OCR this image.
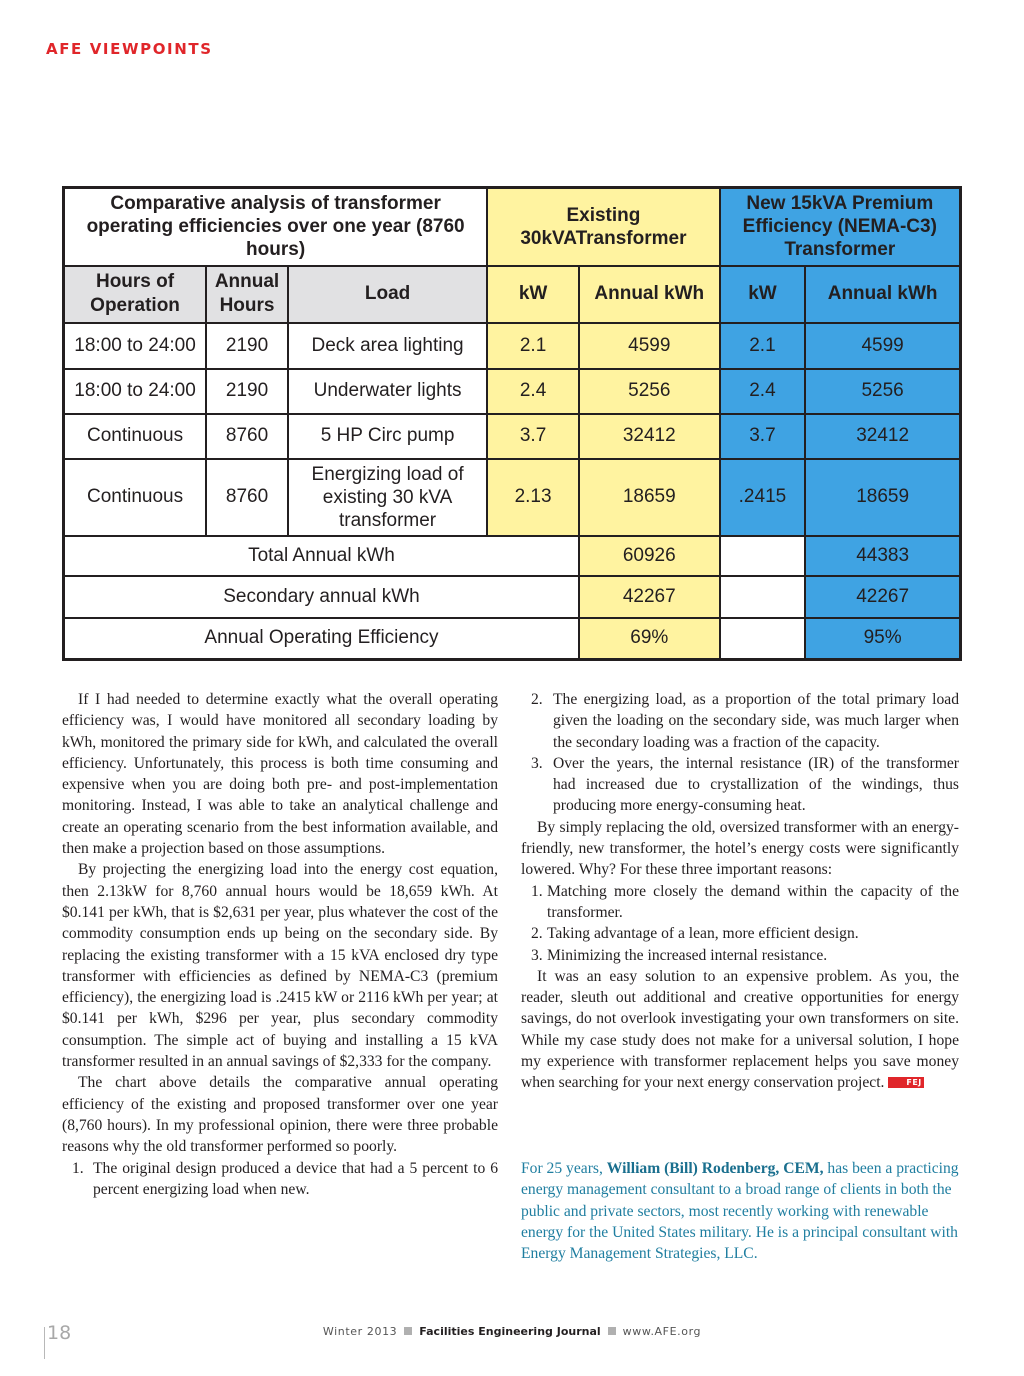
AFE VIEWPOINTS
Comparative analysis of transformer operating efficiencies over one year (8760 hours)			Existing 30kVATransformer		New 15kVA Premium Efficiency (NEMA-C3) Transformer	
Hours of Operation	Annual Hours	Load	kW	Annual kWh	kW	Annual kWh
18:00 to 24:00	2190	Deck area lighting	2.1	4599	2.1	4599
18:00 to 24:00	2190	Underwater lights	2.4	5256	2.4	5256
Continuous	8760	5 HP Circ pump	3.7	32412	3.7	32412
Continuous	8760	Energizing load of existing 30 kVA transformer	2.13	18659	.2415	18659
Total Annual kWh				60926		44383
Secondary annual kWh				42267		42267
Annual Operating Efficiency				69%		95%

If I had needed to determine exactly what the overall operating efficiency was, I would have monitored all secondary loading by kWh, monitored the primary side for kWh, and calculated the overall efficiency. Unfortunately, this process is both time consuming and expensive when you are doing both pre- and post-implementation monitoring. Instead, I was able to take an analytical challenge and create an operating scenario from the best information available, and then make a projection based on those assumptions.

By projecting the energizing load into the energy cost equation, then 2.13kW for 8,760 annual hours would be 18,659 kWh. At $0.141 per kWh, that is $2,631 per year, plus whatever the cost of the commodity consumption ends up being on the secondary side. By replacing the existing transformer with a 15 kVA enclosed dry type transformer with efficiencies as defined by NEMA-C3 (premium efficiency), the energizing load is .2415 kW or 2116 kWh per year; at $0.141 per kWh, $296 per year, plus secondary commodity consumption. The simple act of buying and installing a 15 kVA transformer resulted in an annual savings of $2,333 for the company.

The chart above details the comparative annual operating efficiency of the existing and proposed transformer over one year (8,760 hours). In my professional opinion, there were three probable reasons why the old transformer performed so poorly.

1. The original design produced a device that had a 5 percent to 6 percent energizing load when new.

2. The energizing load, as a proportion of the total primary load given the loading on the secondary side, was much larger when the secondary loading was a fraction of the capacity.

3. Over the years, the internal resistance (IR) of the transformer had increased due to crystallization of the windings, thus producing more energy-consuming heat.

By simply replacing the old, oversized transformer with an energy-friendly, new transformer, the hotel’s energy costs were significantly lowered. Why? For these three important reasons:

1. Matching more closely the demand within the capacity of the transformer.

2. Taking advantage of a lean, more efficient design.

3. Minimizing the increased internal resistance.

It was an easy solution to an expensive problem. As you, the reader, sleuth out additional and creative opportunities for energy savings, do not overlook investigating your own transformers on site. While my case study does not make for a universal solution, I hope my experience with transformer replacement helps you save money when searching for your next energy conservation project.	FEJ

For 25 years, William (Bill) Rodenberg, CEM, has been a practicing energy management consultant to a broad range of clients in both the public and private sectors, most recently working with renewable energy for the United States military. He is a principal consultant with Energy Management Strategies, LLC.
18	Winter 2013 Facilities Engineering Journal www.AFE.org
